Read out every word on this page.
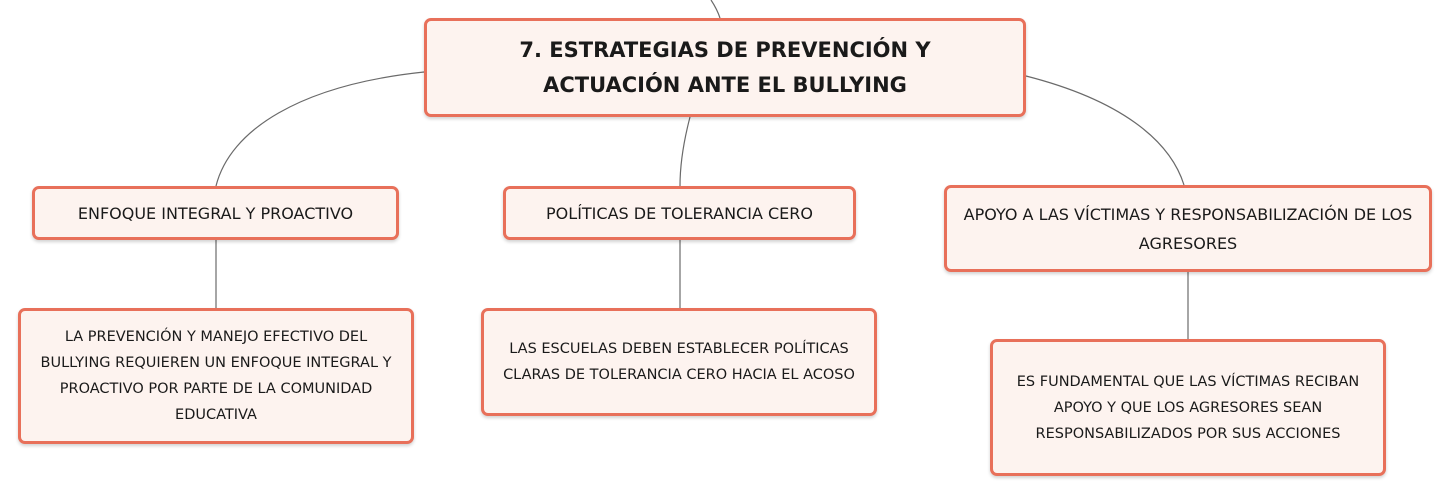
7. ESTRATEGIAS DE PREVENCIÓN Y ACTUACIÓN ANTE EL BULLYING
ENFOQUE INTEGRAL Y PROACTIVO	POLÍTICAS DE TOLERANCIA CERO	APOYO A LAS VÍCTIMAS Y RESPONSABILIZACIÓN DE LOS AGRESORES
LA PREVENCIÓN Y MANEJO EFECTIVO DEL BULLYING REQUIEREN UN ENFOQUE INTEGRAL Y PROACTIVO POR PARTE DE LA COMUNIDAD EDUCATIVA
LAS ESCUELAS DEBEN ESTABLECER POLÍTICAS CLARAS DE TOLERANCIA CERO HACIA EL ACOSO	ES FUNDAMENTAL QUE LAS VÍCTIMAS RECIBAN APOYO Y QUE LOS AGRESORES SEAN RESPONSABILIZADOS POR SUS ACCIONES
